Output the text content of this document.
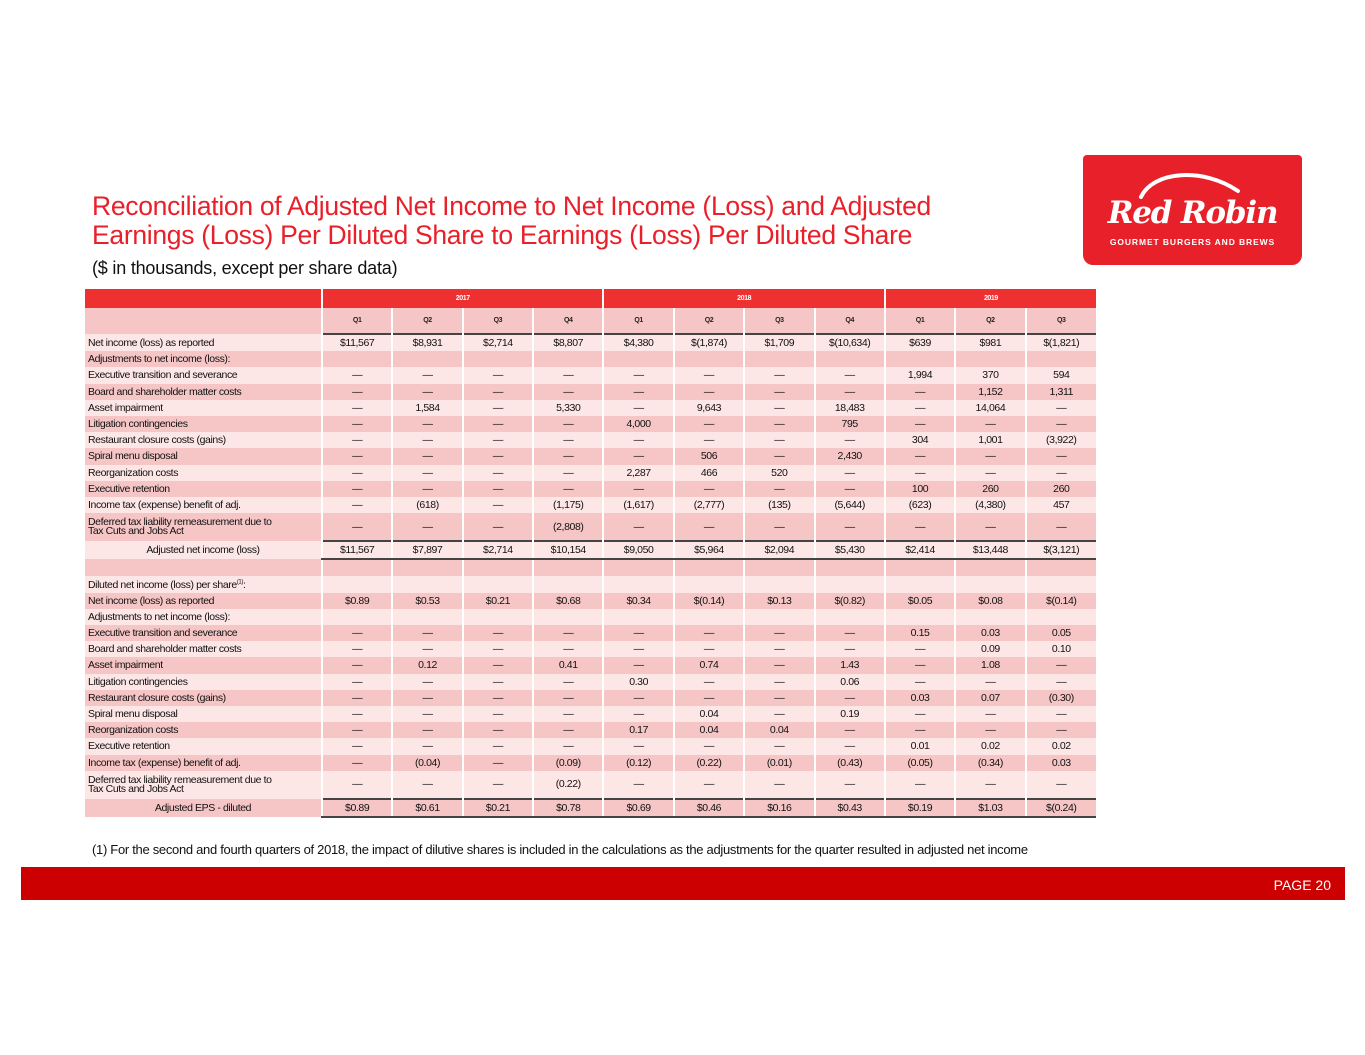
Reconciliation of Adjusted Net Income to Net Income (Loss) and Adjusted
Earnings (Loss) Per Diluted Share to Earnings (Loss) Per Diluted Share
($ in thousands, except per share data)
Red Robin
GOURMET BURGERS AND BREWS
	2017				2018				2019		
	Q1	Q2	Q3	Q4	Q1	Q2	Q3	Q4	Q1	Q2	Q3
Net income (loss) as reported	$11,567	$8,931	$2,714	$8,807	$4,380	$(1,874)	$1,709	$(10,634)	$639	$981	$(1,821)
Adjustments to net income (loss):											
Executive transition and severance	—	—	—	—	—	—	—	—	1,994	370	594
Board and shareholder matter costs	—	—	—	—	—	—	—	—	—	1,152	1,311
Asset impairment	—	1,584	—	5,330	—	9,643	—	18,483	—	14,064	—
Litigation contingencies	—	—	—	—	4,000	—	—	795	—	—	—
Restaurant closure costs (gains)	—	—	—	—	—	—	—	—	304	1,001	(3,922)
Spiral menu disposal	—	—	—	—	—	506	—	2,430	—	—	—
Reorganization costs	—	—	—	—	2,287	466	520	—	—	—	—
Executive retention	—	—	—	—	—	—	—	—	100	260	260
Income tax (expense) benefit of adj.	—	(618)	—	(1,175)	(1,617)	(2,777)	(135)	(5,644)	(623)	(4,380)	457

Deferred tax liability remeasurement due to
Tax Cuts and Jobs Act	—	—	—	(2,808)	—	—	—	—	—	—	—
Adjusted net income (loss)	$11,567	$7,897	$2,714	$10,154	$9,050	$5,964	$2,094	$5,430	$2,414	$13,448	$(3,121)

Diluted net income (loss) per share$^{(1)}$:											
Net income (loss) as reported	$0.89	$0.53	$0.21	$0.68	$0.34	$(0.14)	$0.13	$(0.82)	$0.05	$0.08	$(0.14)
Adjustments to net income (loss):											
Executive transition and severance	—	—	—	—	—	—	—	—	0.15	0.03	0.05
Board and shareholder matter costs	—	—	—	—	—	—	—	—	—	0.09	0.10
Asset impairment	—	0.12	—	0.41	—	0.74	—	1.43	—	1.08	—
Litigation contingencies	—	—	—	—	0.30	—	—	0.06	—	—	—
Restaurant closure costs (gains)	—	—	—	—	—	—	—	—	0.03	0.07	(0.30)
Spiral menu disposal	—	—	—	—	—	0.04	—	0.19	—	—	—
Reorganization costs	—	—	—	—	0.17	0.04	0.04	—	—	—	—
Executive retention	—	—	—	—	—	—	—	—	0.01	0.02	0.02
Income tax (expense) benefit of adj.	—	(0.04)	—	(0.09)	(0.12)	(0.22)	(0.01)	(0.43)	(0.05)	(0.34)	0.03

Deferred tax liability remeasurement due to
Tax Cuts and Jobs Act	—	—	—	(0.22)	—	—	—	—	—	—	—
Adjusted EPS - diluted	$0.89	$0.61	$0.21	$0.78	$0.69	$0.46	$0.16	$0.43	$0.19	$1.03	$(0.24)
(1) For the second and fourth quarters of 2018, the impact of dilutive shares is included in the calculations as the adjustments for the quarter resulted in adjusted net income
PAGE 20
